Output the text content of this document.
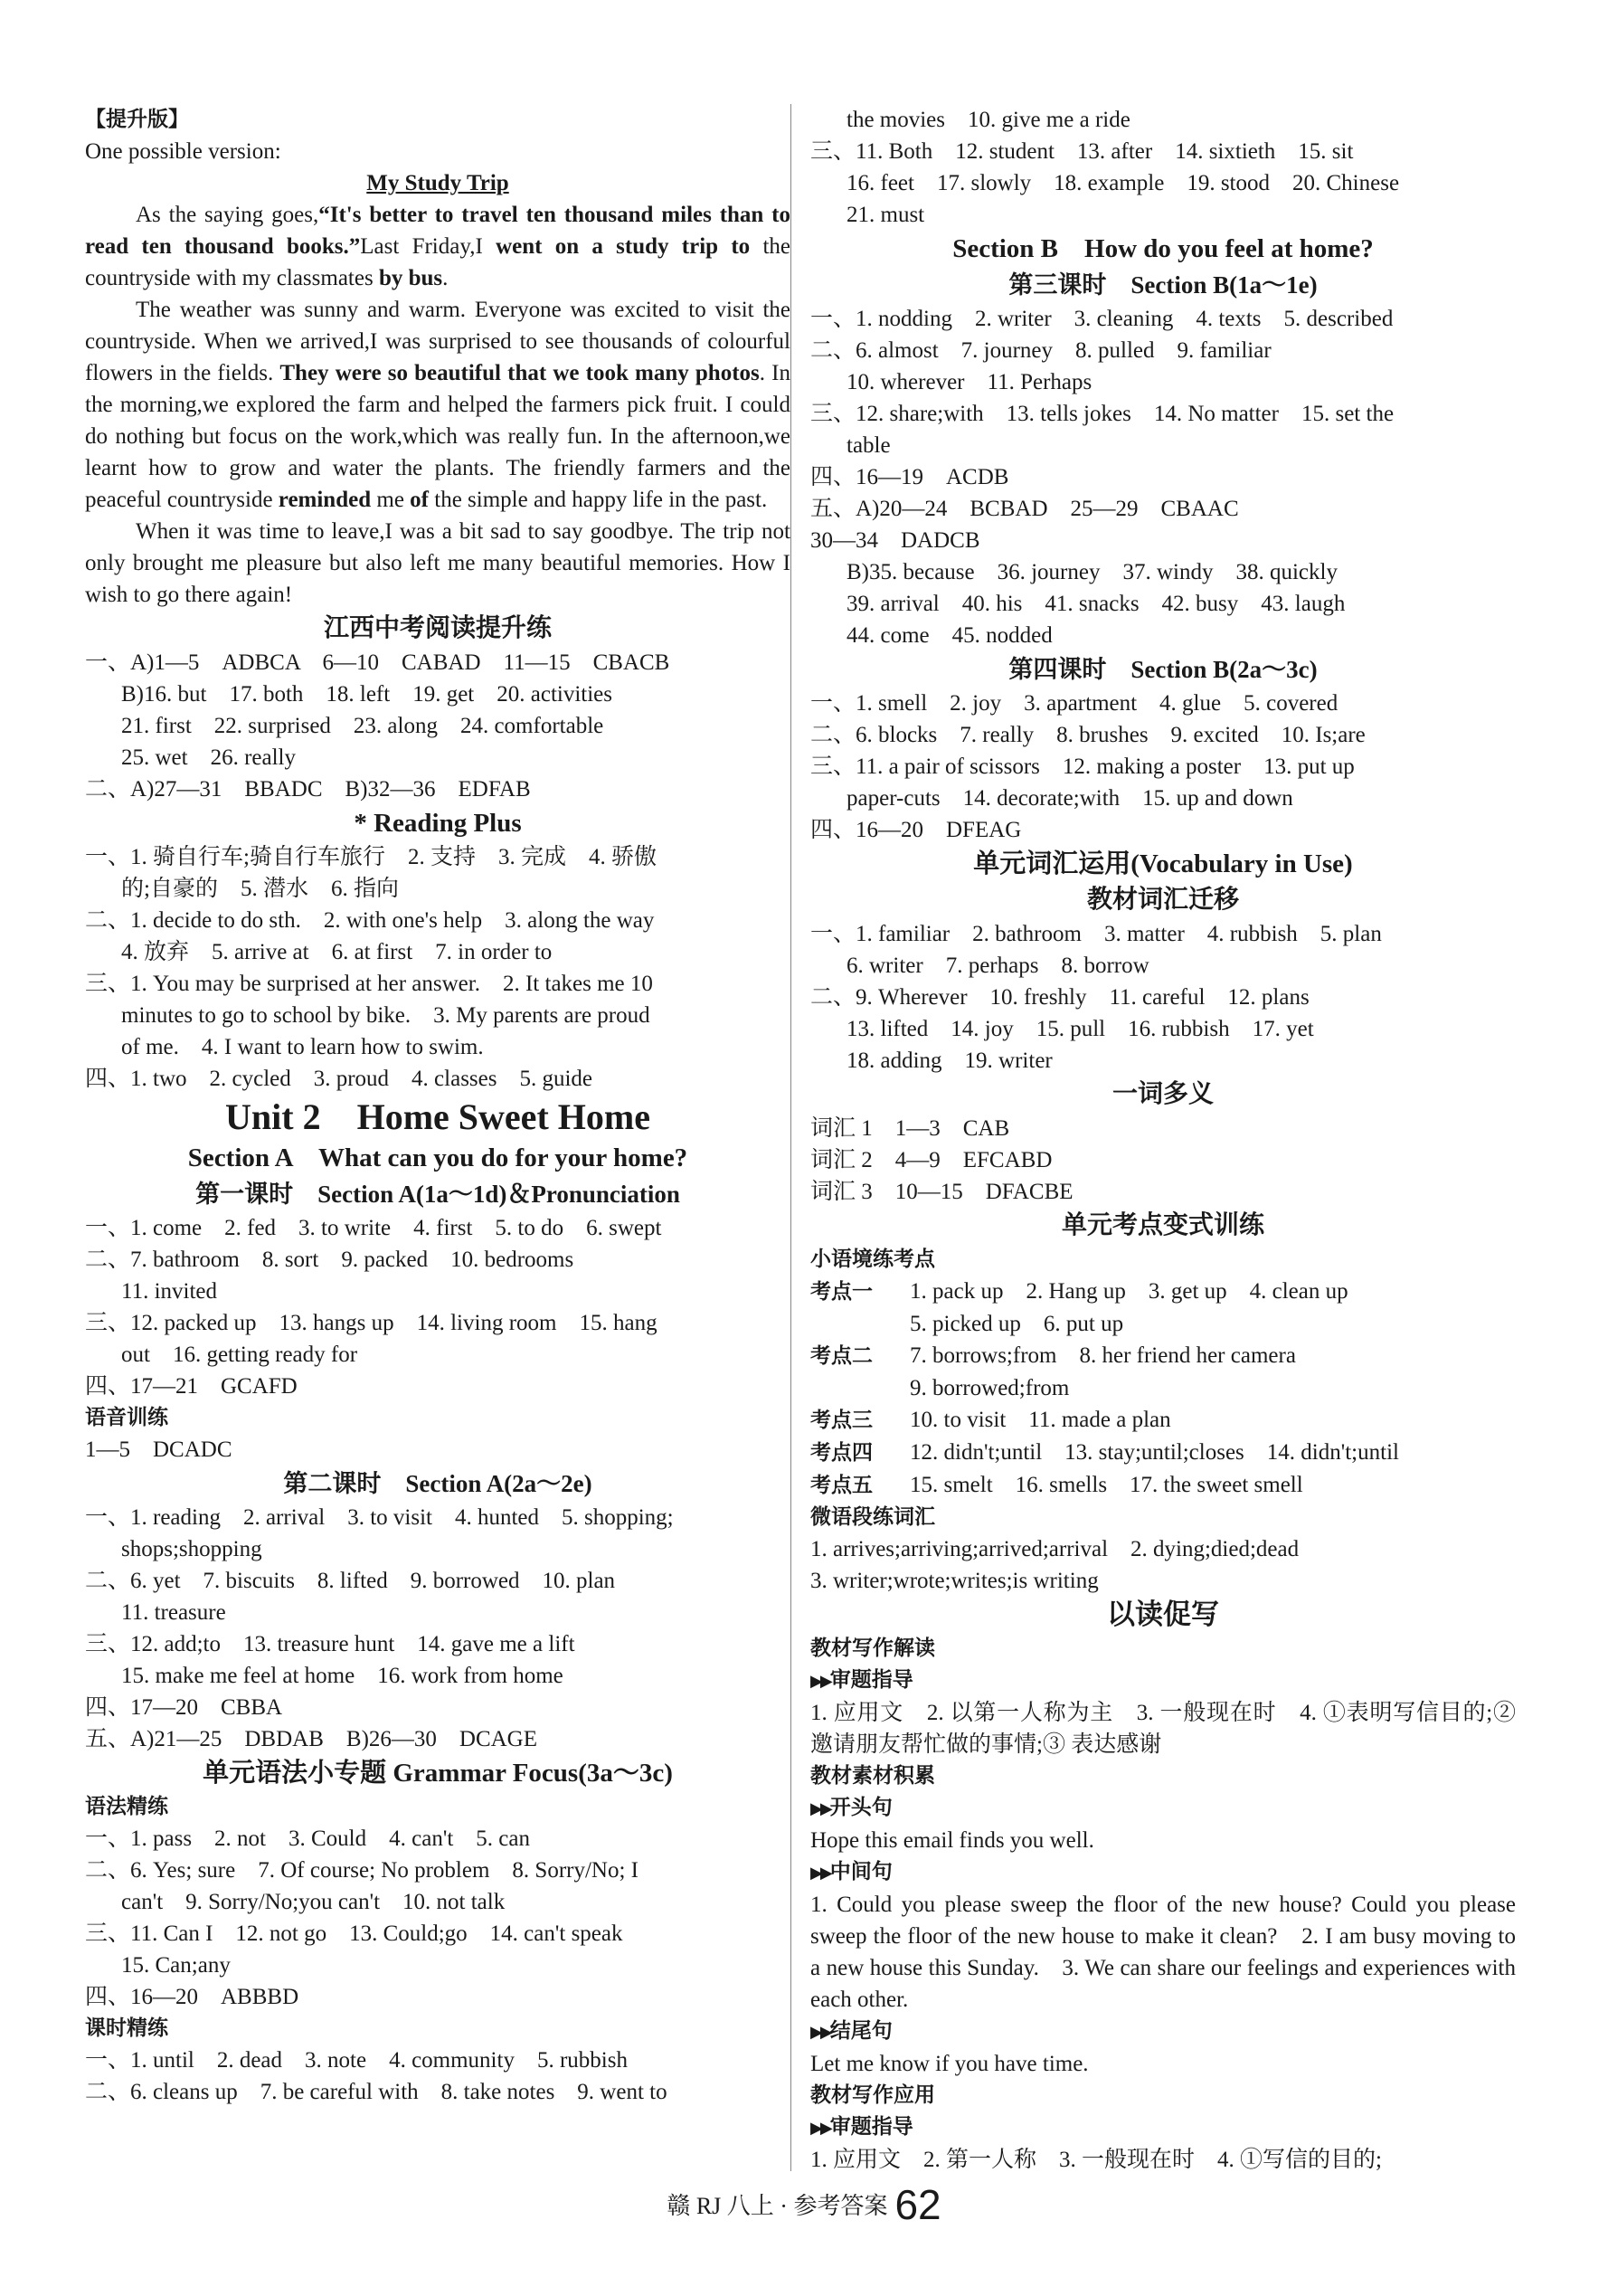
【提升版】
One possible version:
My Study Trip
As the saying goes,“It's better to travel ten thousand miles than to read ten thousand books.”Last Friday,I went on a study trip to the countryside with my classmates by bus.
The weather was sunny and warm. Everyone was excited to visit the countryside. When we arrived,I was surprised to see thousands of colourful flowers in the fields. They were so beautiful that we took many photos. In the morning,we explored the farm and helped the farmers pick fruit. I could do nothing but focus on the work,which was really fun. In the afternoon,we learnt how to grow and water the plants. The friendly farmers and the peaceful countryside reminded me of the simple and happy life in the past.
When it was time to leave,I was a bit sad to say goodbye. The trip not only brought me pleasure but also left me many beautiful memories. How I wish to go there again!
江西中考阅读提升练
一、A)1—5　ADBCA　6—10　CABAD　11—15　CBACB
B)16. but　17. both　18. left　19. get　20. activities
21. first　22. surprised　23. along　24. comfortable
25. wet　26. really
二、A)27—31　BBADC　B)32—36　EDFAB
* Reading Plus
一、1. 骑自行车;骑自行车旅行　2. 支持　3. 完成　4. 骄傲
的;自豪的　5. 潜水　6. 指向
二、1. decide to do sth.　2. with one's help　3. along the way
4. 放弃　5. arrive at　6. at first　7. in order to
三、1. You may be surprised at her answer.　2. It takes me 10
minutes to go to school by bike.　3. My parents are proud
of me.　4. I want to learn how to swim.
四、1. two　2. cycled　3. proud　4. classes　5. guide
Unit 2　Home Sweet Home
Section A　What can you do for your home?
第一课时　Section A(1a～1d)＆Pronunciation
一、1. come　2. fed　3. to write　4. first　5. to do　6. swept
二、7. bathroom　8. sort　9. packed　10. bedrooms
11. invited
三、12. packed up　13. hangs up　14. living room　15. hang
out　16. getting ready for
四、17—21　GCAFD
语音训练
1—5　DCADC
第二课时　Section A(2a～2e)
一、1. reading　2. arrival　3. to visit　4. hunted　5. shopping;
shops;shopping
二、6. yet　7. biscuits　8. lifted　9. borrowed　10. plan
11. treasure
三、12. add;to　13. treasure hunt　14. gave me a lift
15. make me feel at home　16. work from home
四、17—20　CBBA
五、A)21—25　DBDAB　B)26—30　DCAGE
单元语法小专题 Grammar Focus(3a～3c)
语法精练
一、1. pass　2. not　3. Could　4. can't　5. can
二、6. Yes; sure　7. Of course; No problem　8. Sorry/No; I
can't　9. Sorry/No;you can't　10. not talk
三、11. Can I　12. not go　13. Could;go　14. can't speak
15. Can;any
四、16—20　ABBBD
课时精练
一、1. until　2. dead　3. note　4. community　5. rubbish
二、6. cleans up　7. be careful with　8. take notes　9. went to
the movies　10. give me a ride
三、11. Both　12. student　13. after　14. sixtieth　15. sit
16. feet　17. slowly　18. example　19. stood　20. Chinese
21. must
Section B　How do you feel at home?
第三课时　Section B(1a～1e)
一、1. nodding　2. writer　3. cleaning　4. texts　5. described
二、6. almost　7. journey　8. pulled　9. familiar
10. wherever　11. Perhaps
三、12. share;with　13. tells jokes　14. No matter　15. set the
table
四、16—19　ACDB
五、A)20—24　BCBAD　25—29　CBAAC
30—34　DADCB
B)35. because　36. journey　37. windy　38. quickly
39. arrival　40. his　41. snacks　42. busy　43. laugh
44. come　45. nodded
第四课时　Section B(2a～3c)
一、1. smell　2. joy　3. apartment　4. glue　5. covered
二、6. blocks　7. really　8. brushes　9. excited　10. Is;are
三、11. a pair of scissors　12. making a poster　13. put up
paper-cuts　14. decorate;with　15. up and down
四、16—20　DFEAG
单元词汇运用(Vocabulary in Use)
教材词汇迁移
一、1. familiar　2. bathroom　3. matter　4. rubbish　5. plan
6. writer　7. perhaps　8. borrow
二、9. Wherever　10. freshly　11. careful　12. plans
13. lifted　14. joy　15. pull　16. rubbish　17. yet
18. adding　19. writer
一词多义
词汇 1　1—3　CAB
词汇 2　4—9　EFCABD
词汇 3　10—15　DFACBE
单元考点变式训练
小语境练考点
考点一 1. pack up　2. Hang up　3. get up　4. clean up
5. picked up　6. put up
考点二 7. borrows;from　8. her friend her camera
9. borrowed;from
考点三 10. to visit　11. made a plan
考点四 12. didn't;until　13. stay;until;closes　14. didn't;until
考点五 15. smelt　16. smells　17. the sweet smell
微语段练词汇
1. arrives;arriving;arrived;arrival　2. dying;died;dead
3. writer;wrote;writes;is writing
以读促写
教材写作解读
▶▶审题指导
1. 应用文　2. 以第一人称为主　3. 一般现在时　4. ①表明写信目的;②邀请朋友帮忙做的事情;③ 表达感谢
教材素材积累
▶▶开头句
Hope this email finds you well.
▶▶中间句
1. Could you please sweep the floor of the new house? Could you please sweep the floor of the new house to make it clean?　2. I am busy moving to a new house this Sunday.　3. We can share our feelings and experiences with each other.
▶▶结尾句
Let me know if you have time.
教材写作应用
▶▶审题指导
1. 应用文　2. 第一人称　3. 一般现在时　4. ①写信的目的;
赣 RJ 八上 · 参考答案 62
